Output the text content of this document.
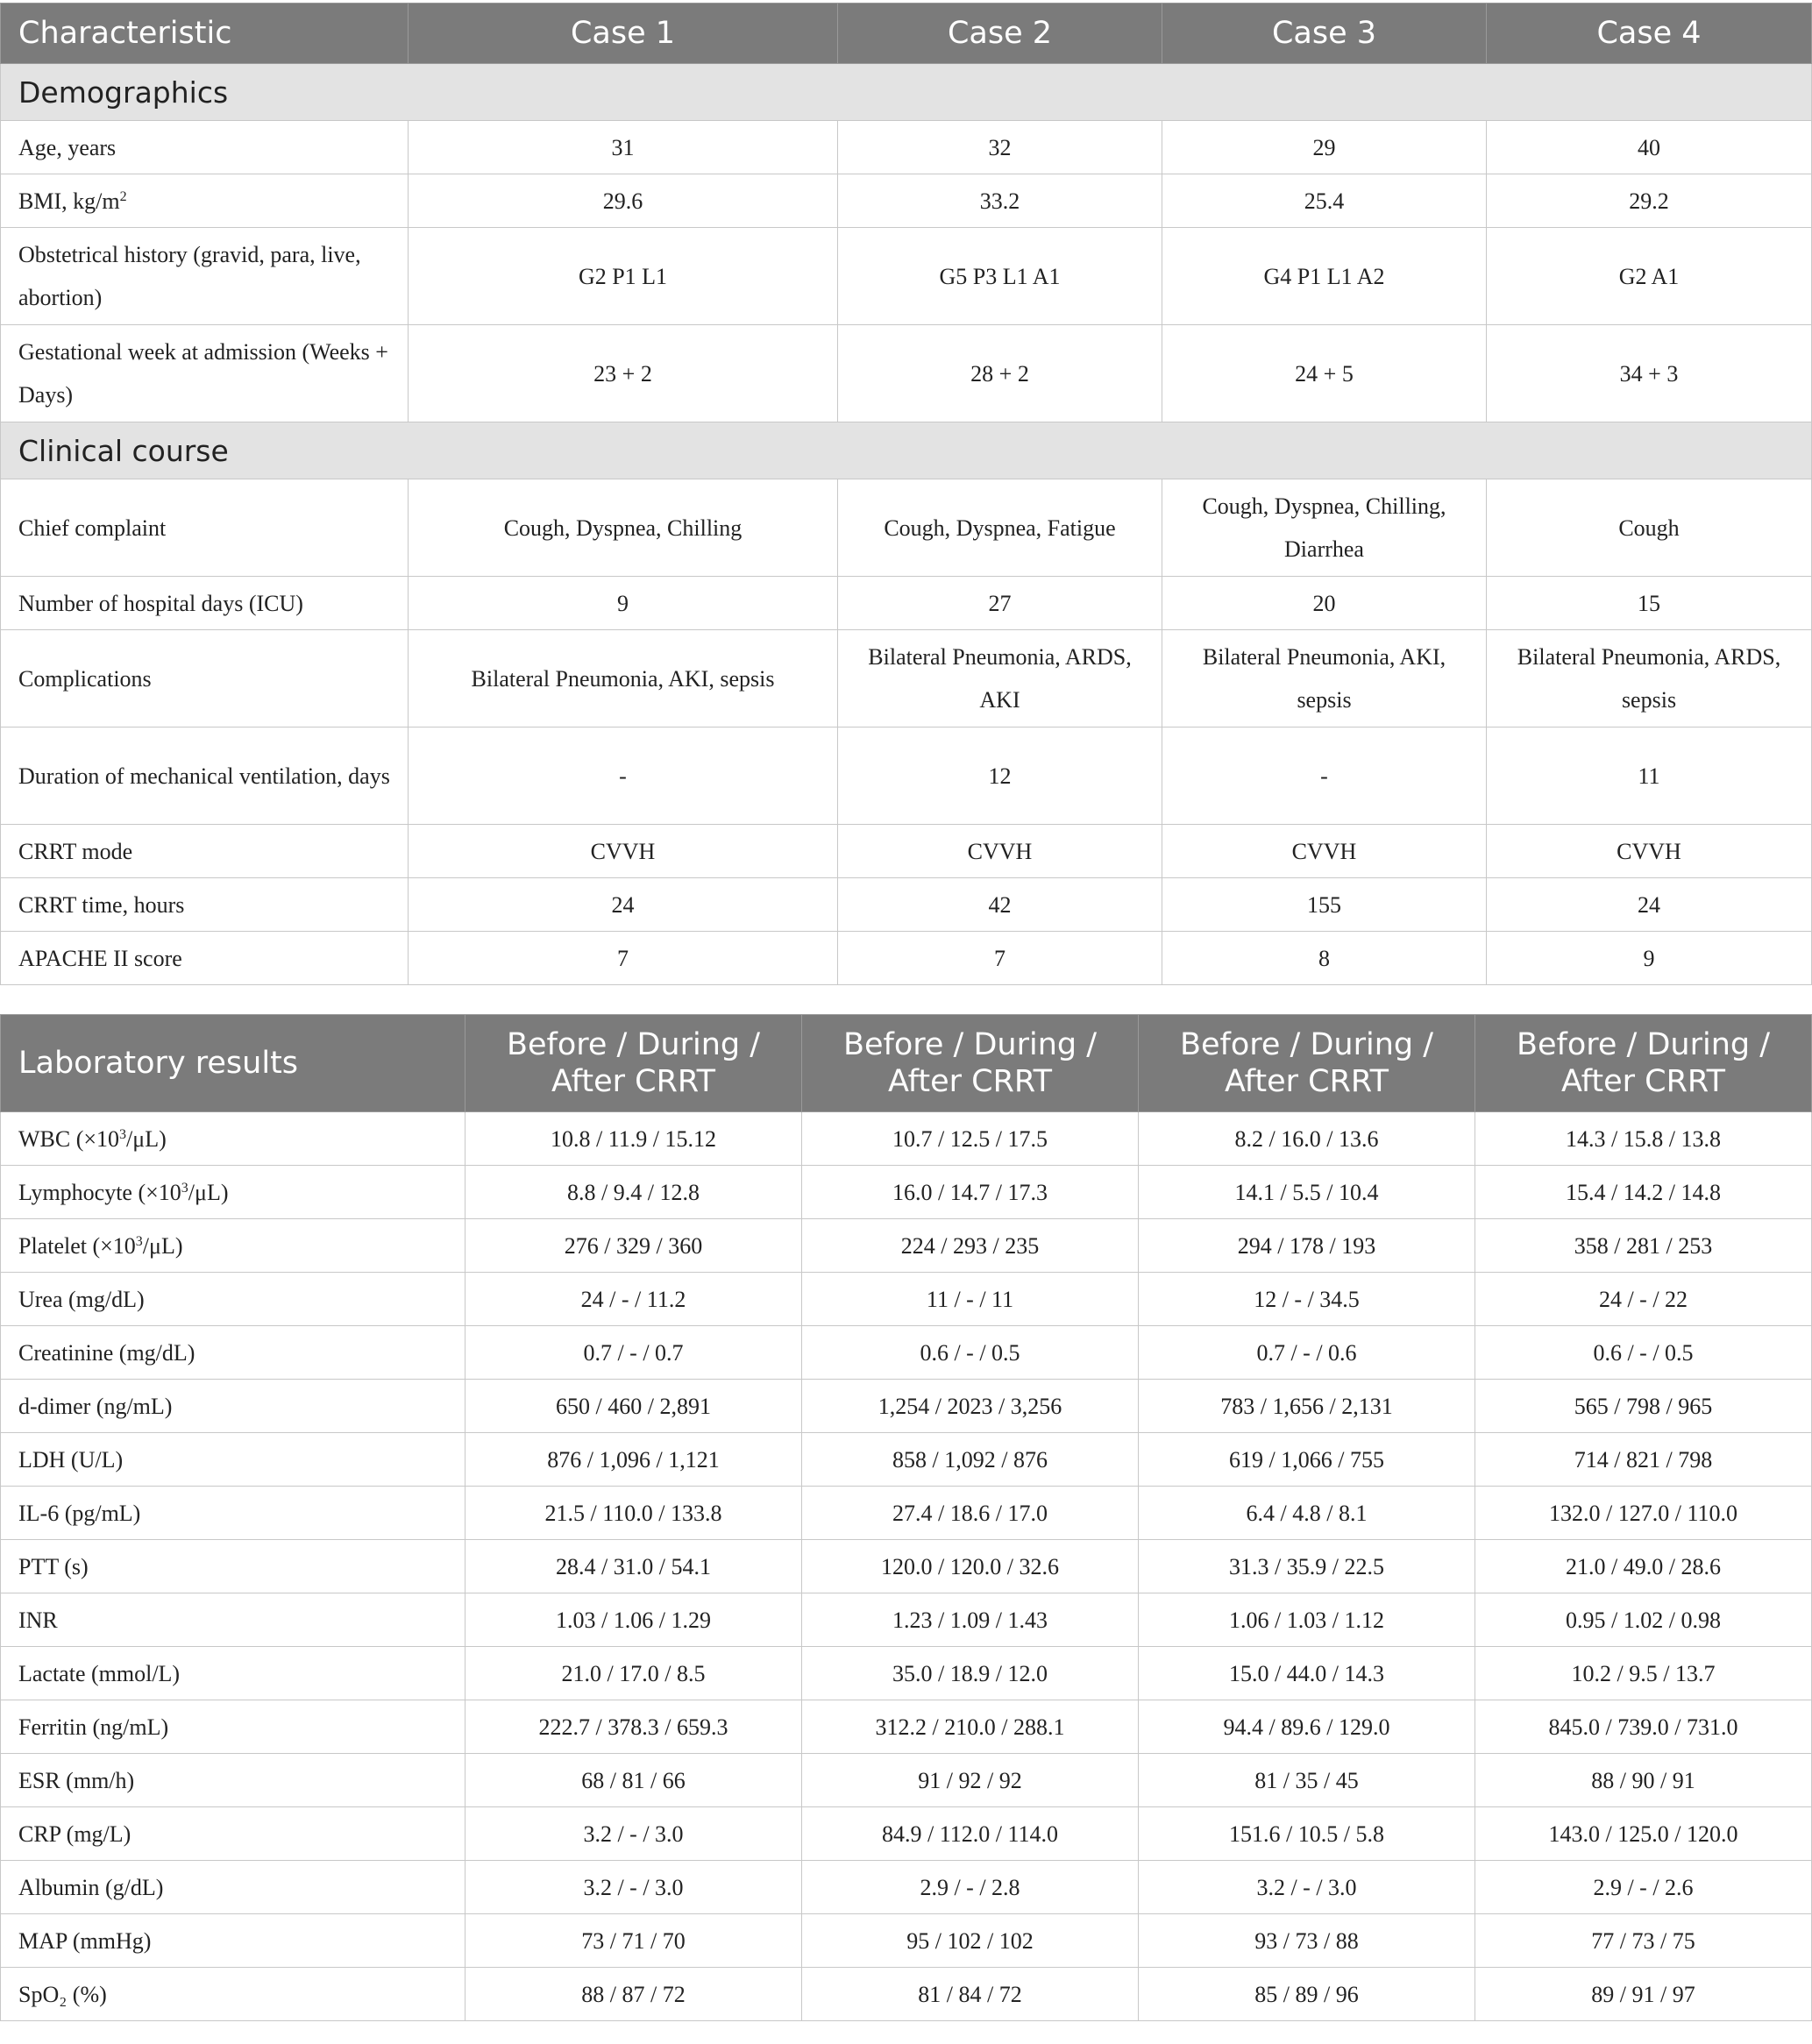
Characteristic	Case 1	Case 2	Case 3	Case 4
Demographics				
Age, years	31	32	29	40
BMI, $kg/m^2$	29.6	33.2	25.4	29.2
Obstetrical history (gravid, para, live, abortion)	G2 P1 L1	G5 P3 L1 A1	G4 P1 L1 A2	G2 A1
Gestational week at admission (Weeks + Days)	23 + 2	28 + 2	24 + 5	34 + 3
Clinical course				
Chief complaint	Cough, Dyspnea, Chilling	Cough, Dyspnea, Fatigue	Cough, Dyspnea, Chilling, Diarrhea	Cough
Number of hospital days (ICU)	9	27	20	15
Complications	Bilateral Pneumonia, AKI, sepsis	Bilateral Pneumonia, ARDS, AKI	Bilateral Pneumonia, AKI, sepsis	Bilateral Pneumonia, ARDS, sepsis
Duration of mechanical ventilation, days	-	12	-	11
CRRT mode	CVVH	CVVH	CVVH	CVVH
CRRT time, hours	24	42	155	24
APACHE II score	7	7	8	9
Laboratory results	Before / During / After CRRT	Before / During / After CRRT	Before / During / After CRRT	Before / During / After CRRT
WBC $(\times 10^3/\mu L)$	10.8 / 11.9 / 15.12	10.7 / 12.5 / 17.5	8.2 / 16.0 / 13.6	14.3 / 15.8 / 13.8
Lymphocyte $(\times 10^3/\mu L)$	8.8 / 9.4 / 12.8	16.0 / 14.7 / 17.3	14.1 / 5.5 / 10.4	15.4 / 14.2 / 14.8
Platelet $(\times 10^3/\mu L)$	276 / 329 / 360	224 / 293 / 235	294 / 178 / 193	358 / 281 / 253
Urea (mg/dL)	24 / - / 11.2	11 / - / 11	12 / - / 34.5	24 / - / 22
Creatinine (mg/dL)	0.7 / - / 0.7	0.6 / - / 0.5	0.7 / - / 0.6	0.6 / - / 0.5
d-dimer (ng/mL)	650 / 460 / 2,891	1,254 / 2023 / 3,256	783 / 1,656 / 2,131	565 / 798 / 965
LDH (U/L)	876 / 1,096 / 1,121	858 / 1,092 / 876	619 / 1,066 / 755	714 / 821 / 798
IL-6 (pg/mL)	21.5 / 110.0 / 133.8	27.4 / 18.6 / 17.0	6.4 / 4.8 / 8.1	132.0 / 127.0 / 110.0
PTT (s)	28.4 / 31.0 / 54.1	120.0 / 120.0 / 32.6	31.3 / 35.9 / 22.5	21.0 / 49.0 / 28.6
INR	1.03 / 1.06 / 1.29	1.23 / 1.09 / 1.43	1.06 / 1.03 / 1.12	0.95 / 1.02 / 0.98
Lactate (mmol/L)	21.0 / 17.0 / 8.5	35.0 / 18.9 / 12.0	15.0 / 44.0 / 14.3	10.2 / 9.5 / 13.7
Ferritin (ng/mL)	222.7 / 378.3 / 659.3	312.2 / 210.0 / 288.1	94.4 / 89.6 / 129.0	845.0 / 739.0 / 731.0
ESR (mm/h)	68 / 81 / 66	91 / 92 / 92	81 / 35 / 45	88 / 90 / 91
CRP (mg/L)	3.2 / - / 3.0	84.9 / 112.0 / 114.0	151.6 / 10.5 / 5.8	143.0 / 125.0 / 120.0
Albumin (g/dL)	3.2 / - / 3.0	2.9 / - / 2.8	3.2 / - / 3.0	2.9 / - / 2.6
MAP (mmHg)	73 / 71 / 70	95 / 102 / 102	93 / 73 / 88	77 / 73 / 75
SpO₂ (%)	88 / 87 / 72	81 / 84 / 72	85 / 89 / 96	89 / 91 / 97
